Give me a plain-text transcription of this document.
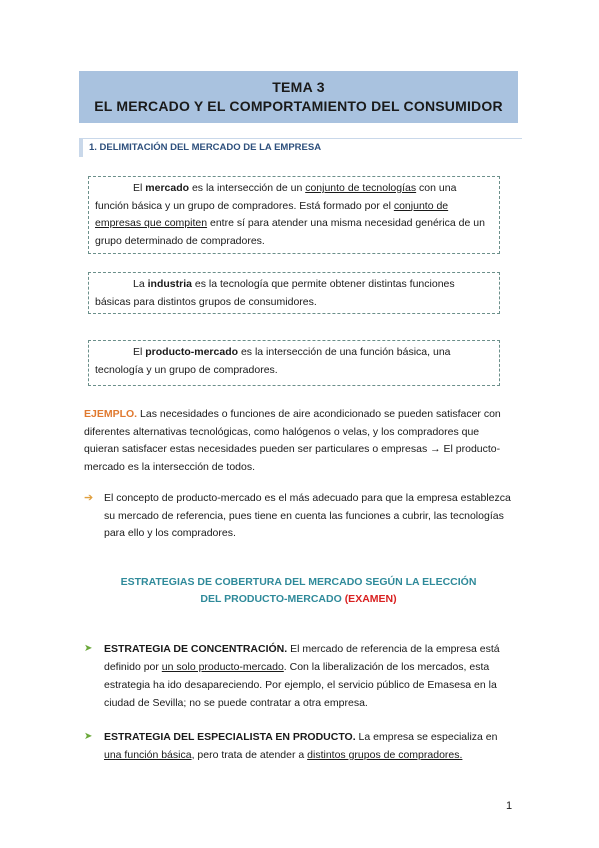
TEMA 3
EL MERCADO Y EL COMPORTAMIENTO DEL CONSUMIDOR
1. DELIMITACIÓN DEL MERCADO DE LA EMPRESA
El mercado es la intersección de un conjunto de tecnologías con una función básica y un grupo de compradores. Está formado por el conjunto de empresas que compiten entre sí para atender una misma necesidad genérica de un grupo determinado de compradores.
La industria es la tecnología que permite obtener distintas funciones básicas para distintos grupos de consumidores.
El producto-mercado es la intersección de una función básica, una tecnología y un grupo de compradores.
EJEMPLO. Las necesidades o funciones de aire acondicionado se pueden satisfacer con diferentes alternativas tecnológicas, como halógenos o velas, y los compradores que quieran satisfacer estas necesidades pueden ser particulares o empresas → El producto-mercado es la intersección de todos.
➔ El concepto de producto-mercado es el más adecuado para que la empresa establezca su mercado de referencia, pues tiene en cuenta las funciones a cubrir, las tecnologías para ello y los compradores.
ESTRATEGIAS DE COBERTURA DEL MERCADO SEGÚN LA ELECCIÓN
DEL PRODUCTO-MERCADO (EXAMEN)
➤ ESTRATEGIA DE CONCENTRACIÓN. El mercado de referencia de la empresa está definido por un solo producto-mercado. Con la liberalización de los mercados, esta estrategia ha ido desapareciendo. Por ejemplo, el servicio público de Emasesa en la ciudad de Sevilla; no se puede contratar a otra empresa.
➤ ESTRATEGIA DEL ESPECIALISTA EN PRODUCTO. La empresa se especializa en una función básica, pero trata de atender a distintos grupos de compradores.
1
